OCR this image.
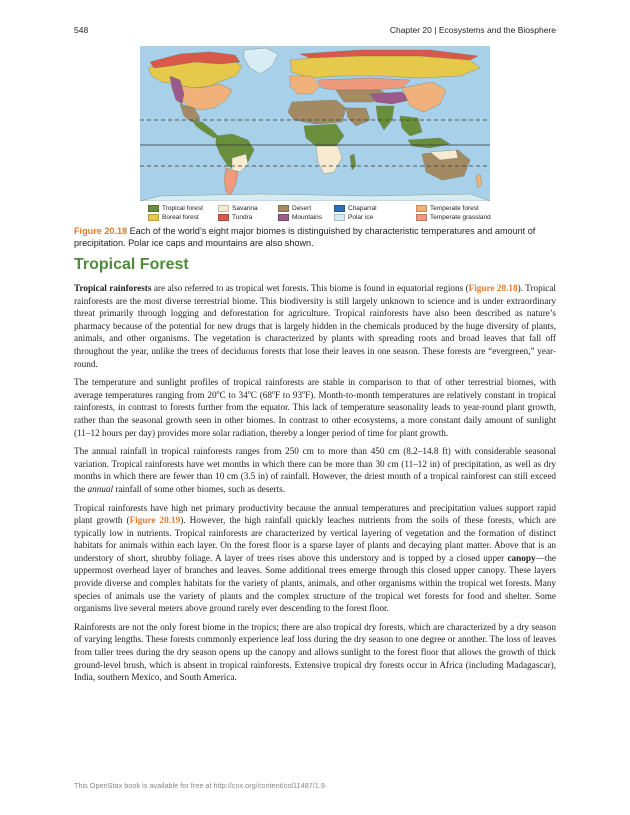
548	Chapter 20 | Ecosystems and the Biosphere
Tropical forest	Savanna	Desert	Chaparral	Temperate forest
Boreal forest	Tundra	Mountains	Polar ice	Temperate grassland
Figure 20.18 Each of the world’s eight major biomes is distinguished by characteristic temperatures and amount of precipitation. Polar ice caps and mountains are also shown.
Tropical Forest

Tropical rainforests are also referred to as tropical wet forests. This biome is found in equatorial regions (Figure 20.18). Tropical rainforests are the most diverse terrestrial biome. This biodiversity is still largely unknown to science and is under extraordinary threat primarily through logging and deforestation for agriculture. Tropical rainforests have also been described as nature’s pharmacy because of the potential for new drugs that is largely hidden in the chemicals produced by the huge diversity of plants, animals, and other organisms. The vegetation is characterized by plants with spreading roots and broad leaves that fall off throughout the year, unlike the trees of deciduous forests that lose their leaves in one season. These forests are “evergreen,” year-round.

The temperature and sunlight profiles of tropical rainforests are stable in comparison to that of other terrestrial biomes, with average temperatures ranging from 20$^o$C to 34$^o$C (68$^o$F to 93$^o$F). Month-to-month temperatures are relatively constant in tropical rainforests, in contrast to forests further from the equator. This lack of temperature seasonality leads to year-round plant growth, rather than the seasonal growth seen in other biomes. In contrast to other ecosystems, a more constant daily amount of sunlight (11–12 hours per day) provides more solar radiation, thereby a longer period of time for plant growth.

The annual rainfall in tropical rainforests ranges from 250 cm to more than 450 cm (8.2–14.8 ft) with considerable seasonal variation. Tropical rainforests have wet months in which there can be more than 30 cm (11–12 in) of precipitation, as well as dry months in which there are fewer than 10 cm (3.5 in) of rainfall. However, the driest month of a tropical rainforest can still exceed the annual rainfall of some other biomes, such as deserts.

Tropical rainforests have high net primary productivity because the annual temperatures and precipitation values support rapid plant growth (Figure 20.19). However, the high rainfall quickly leaches nutrients from the soils of these forests, which are typically low in nutrients. Tropical rainforests are characterized by vertical layering of vegetation and the formation of distinct habitats for animals within each layer. On the forest floor is a sparse layer of plants and decaying plant matter. Above that is an understory of short, shrubby foliage. A layer of trees rises above this understory and is topped by a closed upper canopy—the uppermost overhead layer of branches and leaves. Some additional trees emerge through this closed upper canopy. These layers provide diverse and complex habitats for the variety of plants, animals, and other organisms within the tropical wet forests. Many species of animals use the variety of plants and the complex structure of the tropical wet forests for food and shelter. Some organisms live several meters above ground rarely ever descending to the forest floor.

Rainforests are not the only forest biome in the tropics; there are also tropical dry forests, which are characterized by a dry season of varying lengths. These forests commonly experience leaf loss during the dry season to one degree or another. The loss of leaves from taller trees during the dry season opens up the canopy and allows sunlight to the forest floor that allows the growth of thick ground-level brush, which is absent in tropical rainforests. Extensive tropical dry forests occur in Africa (including Madagascar), India, southern Mexico, and South America.

This OpenStax book is available for free at http://cnx.org/content/col11487/1.9
